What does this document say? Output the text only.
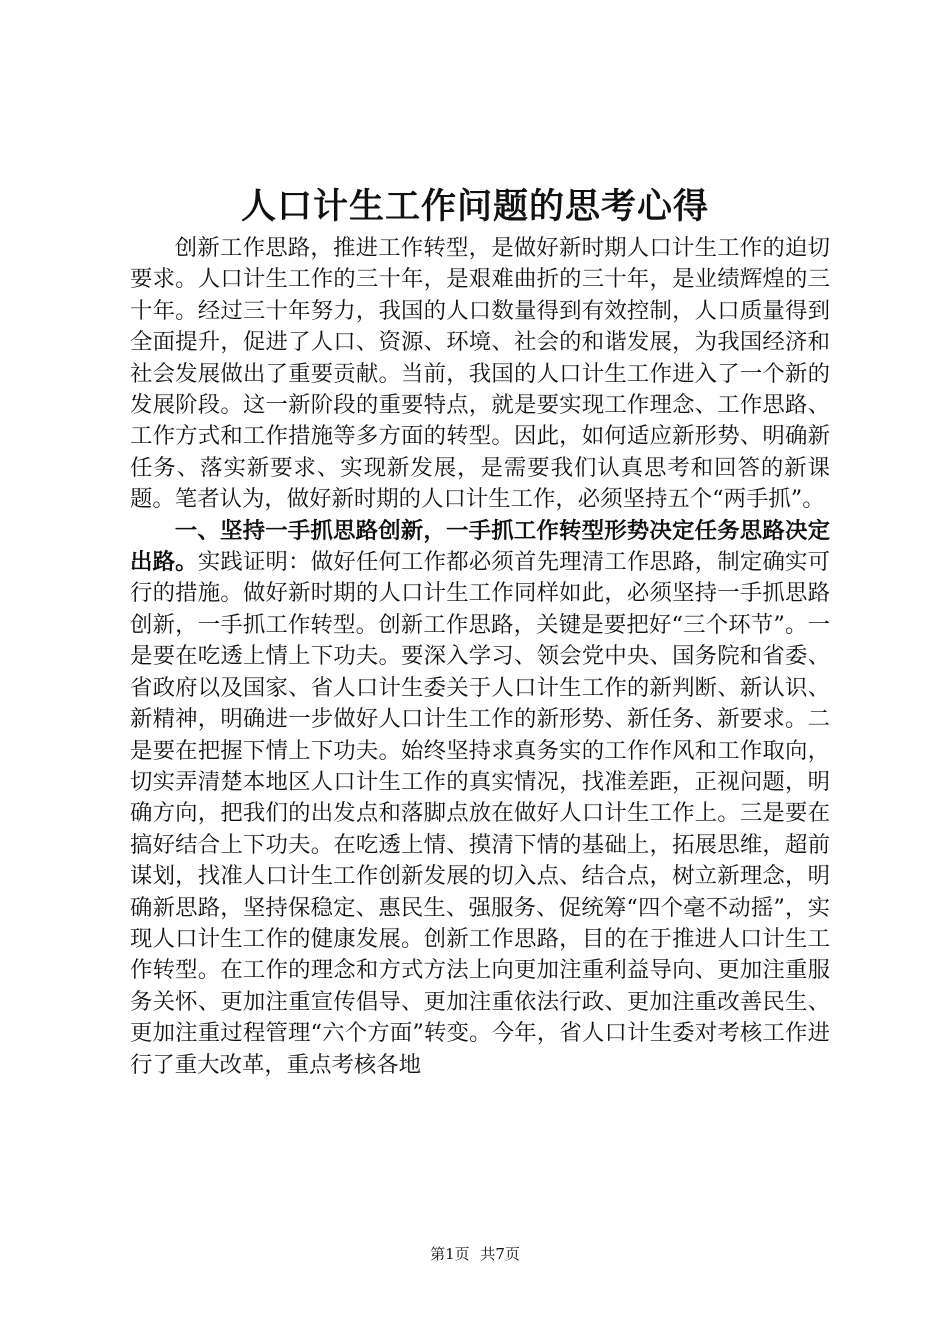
人口计生工作问题的思考心得

创新工作思路，推进工作转型，是做好新时期人口计生工作的迫切要求。人口计生工作的三十年，是艰难曲折的三十年，是业绩辉煌的三十年。经过三十年努力，我国的人口数量得到有效控制，人口质量得到全面提升，促进了人口、资源、环境、社会的和谐发展，为我国经济和社会发展做出了重要贡献。当前，我国的人口计生工作进入了一个新的发展阶段。这一新阶段的重要特点，就是要实现工作理念、工作思路、工作方式和工作措施等多方面的转型。因此，如何适应新形势、明确新任务、落实新要求、实现新发展，是需要我们认真思考和回答的新课题。笔者认为，做好新时期的人口计生工作，必须坚持五个“两手抓”。

一、坚持一手抓思路创新，一手抓工作转型形势决定任务思路决定出路。实践证明：做好任何工作都必须首先理清工作思路，制定确实可行的措施。做好新时期的人口计生工作同样如此，必须坚持一手抓思路创新，一手抓工作转型。创新工作思路，关键是要把好“三个环节”。一是要在吃透上情上下功夫。要深入学习、领会党中央、国务院和省委、省政府以及国家、省人口计生委关于人口计生工作的新判断、新认识、新精神，明确进一步做好人口计生工作的新形势、新任务、新要求。二是要在把握下情上下功夫。始终坚持求真务实的工作作风和工作取向，切实弄清楚本地区人口计生工作的真实情况，找准差距，正视问题，明确方向，把我们的出发点和落脚点放在做好人口计生工作上。三是要在搞好结合上下功夫。在吃透上情、摸清下情的基础上，拓展思维，超前谋划，找准人口计生工作创新发展的切入点、结合点，树立新理念，明确新思路，坚持保稳定、惠民生、强服务、促统筹“四个毫不动摇”，实现人口计生工作的健康发展。创新工作思路，目的在于推进人口计生工作转型。在工作的理念和方式方法上向更加注重利益导向、更加注重服务关怀、更加注重宣传倡导、更加注重依法行政、更加注重改善民生、更加注重过程管理“六个方面”转变。今年，省人口计生委对考核工作进行了重大改革，重点考核各地

第1页 共7页
